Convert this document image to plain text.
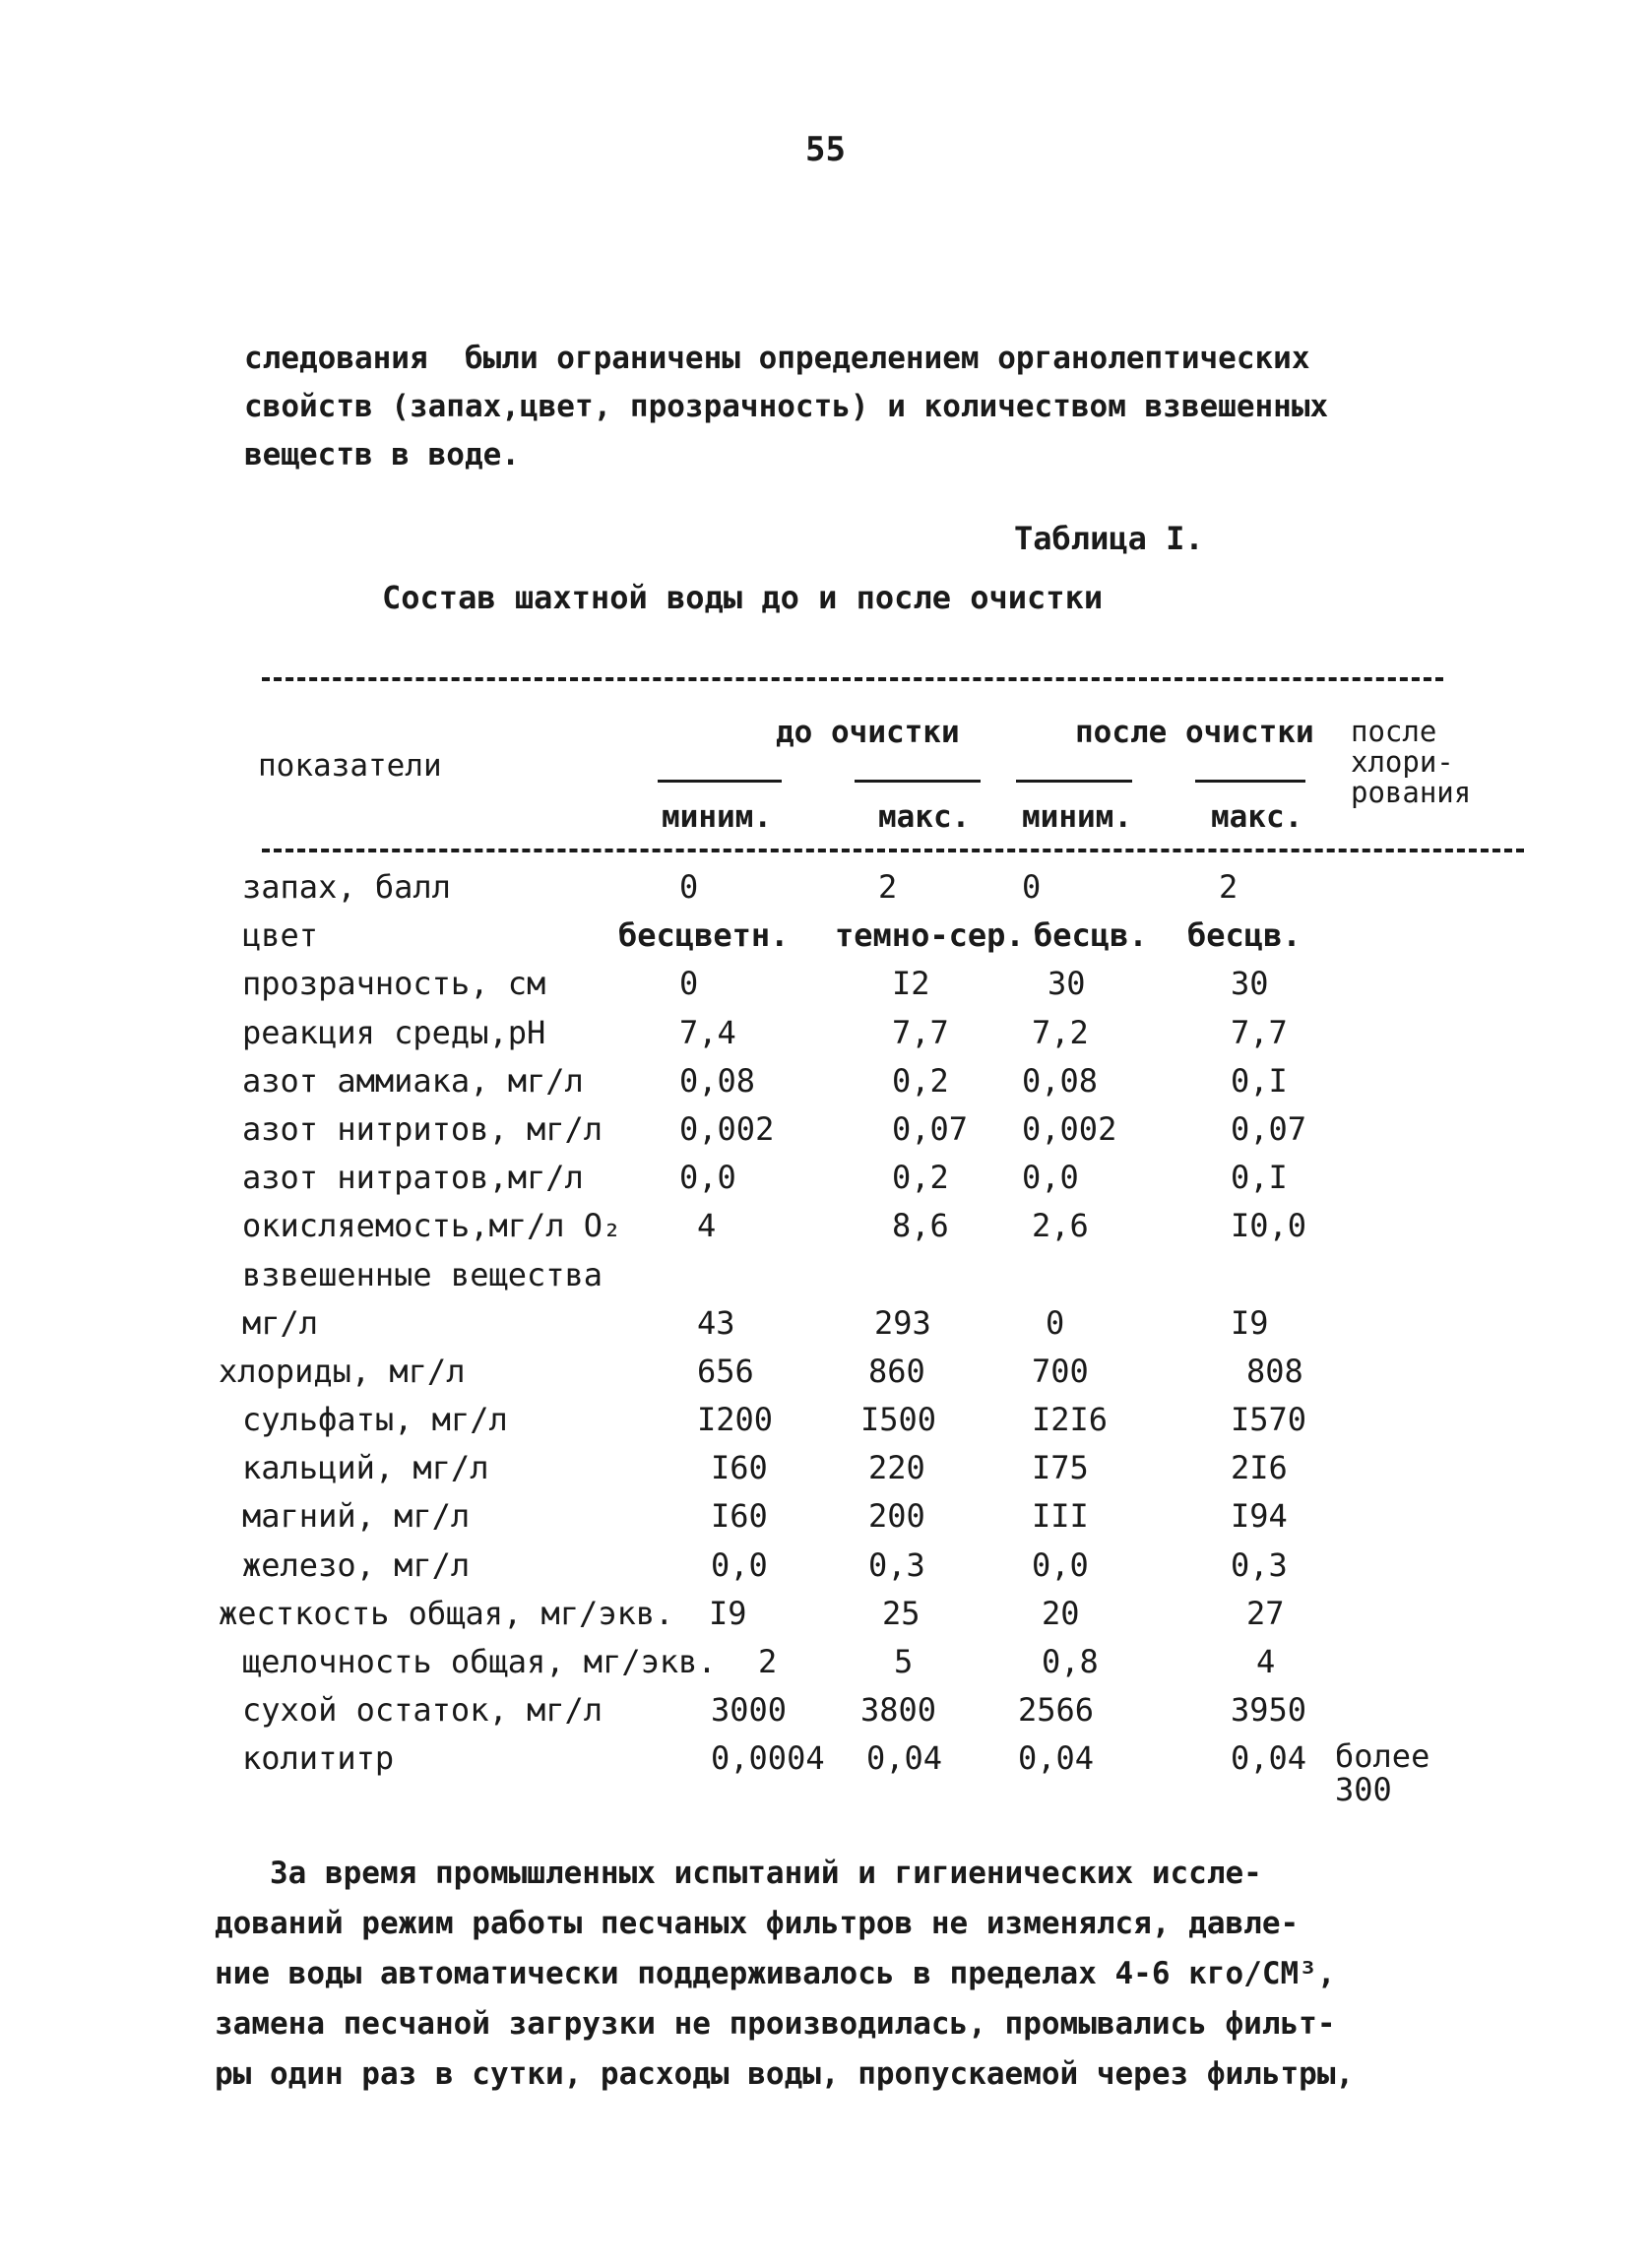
55
следования  были ограничены определением органолептических
свойств (запах,цвет, прозрачность) и количеством взвешенных
веществ в воде.
Таблица I.
Состав шахтной воды до и после очистки
показатели
до очистки	после очистки после
хлори-
рования
миним.	макс. миним.	макс.
запах, балл	0	2	0	2
цвет	бесцветн. темно-сер. бесцв. бесцв.
прозрачность, см	0	I2	30	30
реакция среды,pH	7,4	7,7	7,2	7,7
азот аммиака, мг/л	0,08	0,2 0,08	0,I
азот нитритов, мг/л 0,002	0,07 0,002	0,07
азот нитратов,мг/л	0,0	0,2 0,0	0,I
окисляемость,мг/л O₂ 4	8,6	2,6	I0,0
взвешенные вещества
мг/л	43	293	0	I9
хлориды, мг/л	656	860	700	808
сульфаты, мг/л	I200	I500	I2I6	I570
кальций, мг/л	I60	220	I75	2I6
магний, мг/л	I60	200	III	I94
железо, мг/л	0,0	0,3	0,0	0,3
жесткость общая, мг/экв. I9	25	20	27
щелочность общая, мг/экв. 2	5	0,8	4
сухой остаток, мг/л	3000 3800	2566	3950
колититр	0,0004 0,04 0,04	0,04 более
300
За время промышленных испытаний и гигиенических иссле-
дований режим работы песчаных фильтров не изменялся, давле-
ние воды автоматически поддерживалось в пределах 4-6 кго/СМ³,
замена песчаной загрузки не производилась, промывались фильт-
ры один раз в сутки, расходы воды, пропускаемой через фильтры,
